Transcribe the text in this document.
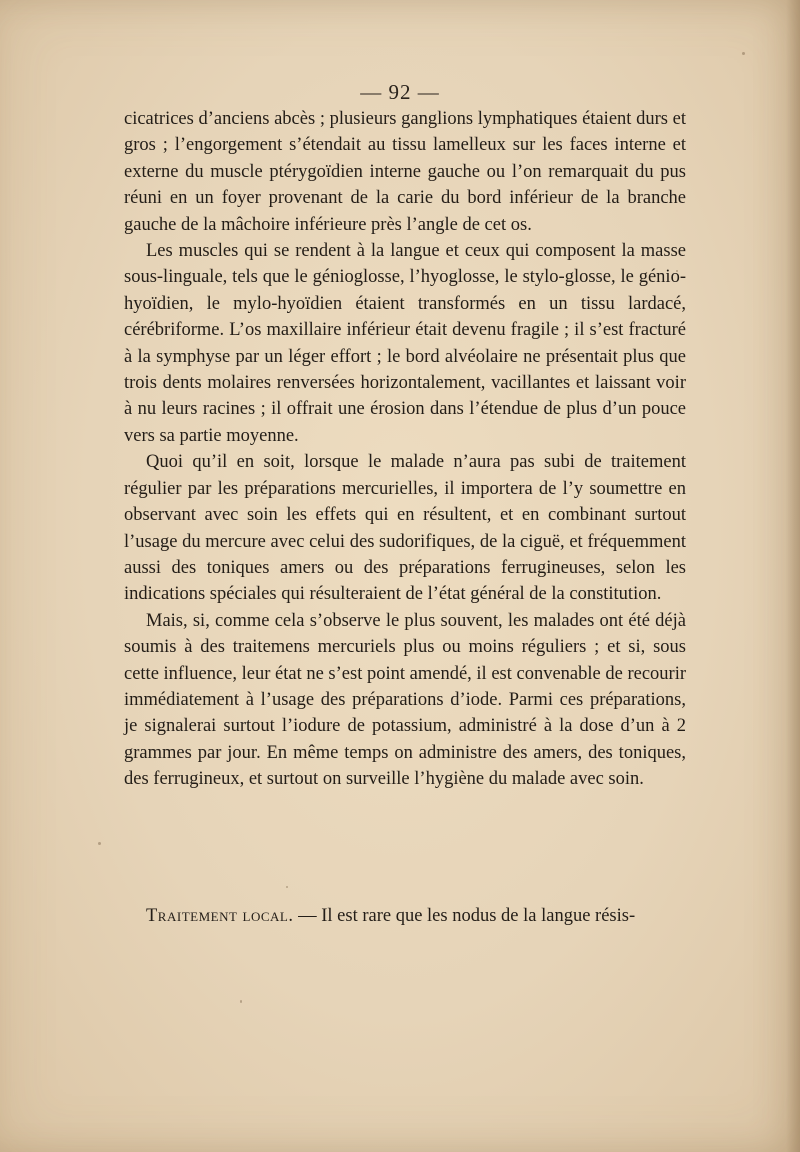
— 92 —

cicatrices d’anciens abcès ; plusieurs ganglions lymphatiques étaient durs et gros ; l’engorgement s’étendait au tissu lamelleux sur les faces interne et externe du muscle ptérygoïdien interne gauche ou l’on remarquait du pus réuni en un foyer provenant de la carie du bord inférieur de la branche gauche de la mâchoire inférieure près l’angle de cet os.

Les muscles qui se rendent à la langue et ceux qui composent la masse sous-linguale, tels que le génioglosse, l’hyoglosse, le stylo-glosse, le génio-hyoïdien, le mylo-hyoïdien étaient transformés en un tissu lardacé, cérébriforme. L’os maxillaire inférieur était devenu fragile ; il s’est fracturé à la symphyse par un léger effort ; le bord alvéolaire ne présentait plus que trois dents molaires renversées horizontalement, vacillantes et laissant voir à nu leurs racines ; il offrait une érosion dans l’étendue de plus d’un pouce vers sa partie moyenne.

Quoi qu’il en soit, lorsque le malade n’aura pas subi de traitement régulier par les préparations mercurielles, il importera de l’y soumettre en observant avec soin les effets qui en résultent, et en combinant surtout l’usage du mercure avec celui des sudorifiques, de la ciguë, et fréquemment aussi des toniques amers ou des préparations ferrugineuses, selon les indications spéciales qui résulteraient de l’état général de la constitution.

Mais, si, comme cela s’observe le plus souvent, les malades ont été déjà soumis à des traitemens mercuriels plus ou moins réguliers ; et si, sous cette influence, leur état ne s’est point amendé, il est convenable de recourir immédiatement à l’usage des préparations d’iode. Parmi ces préparations, je signalerai surtout l’iodure de potassium, administré à la dose d’un à 2 grammes par jour. En même temps on administre des amers, des toniques, des ferrugineux, et surtout on surveille l’hygiène du malade avec soin.

Traitement local. — Il est rare que les nodus de la langue résis-
